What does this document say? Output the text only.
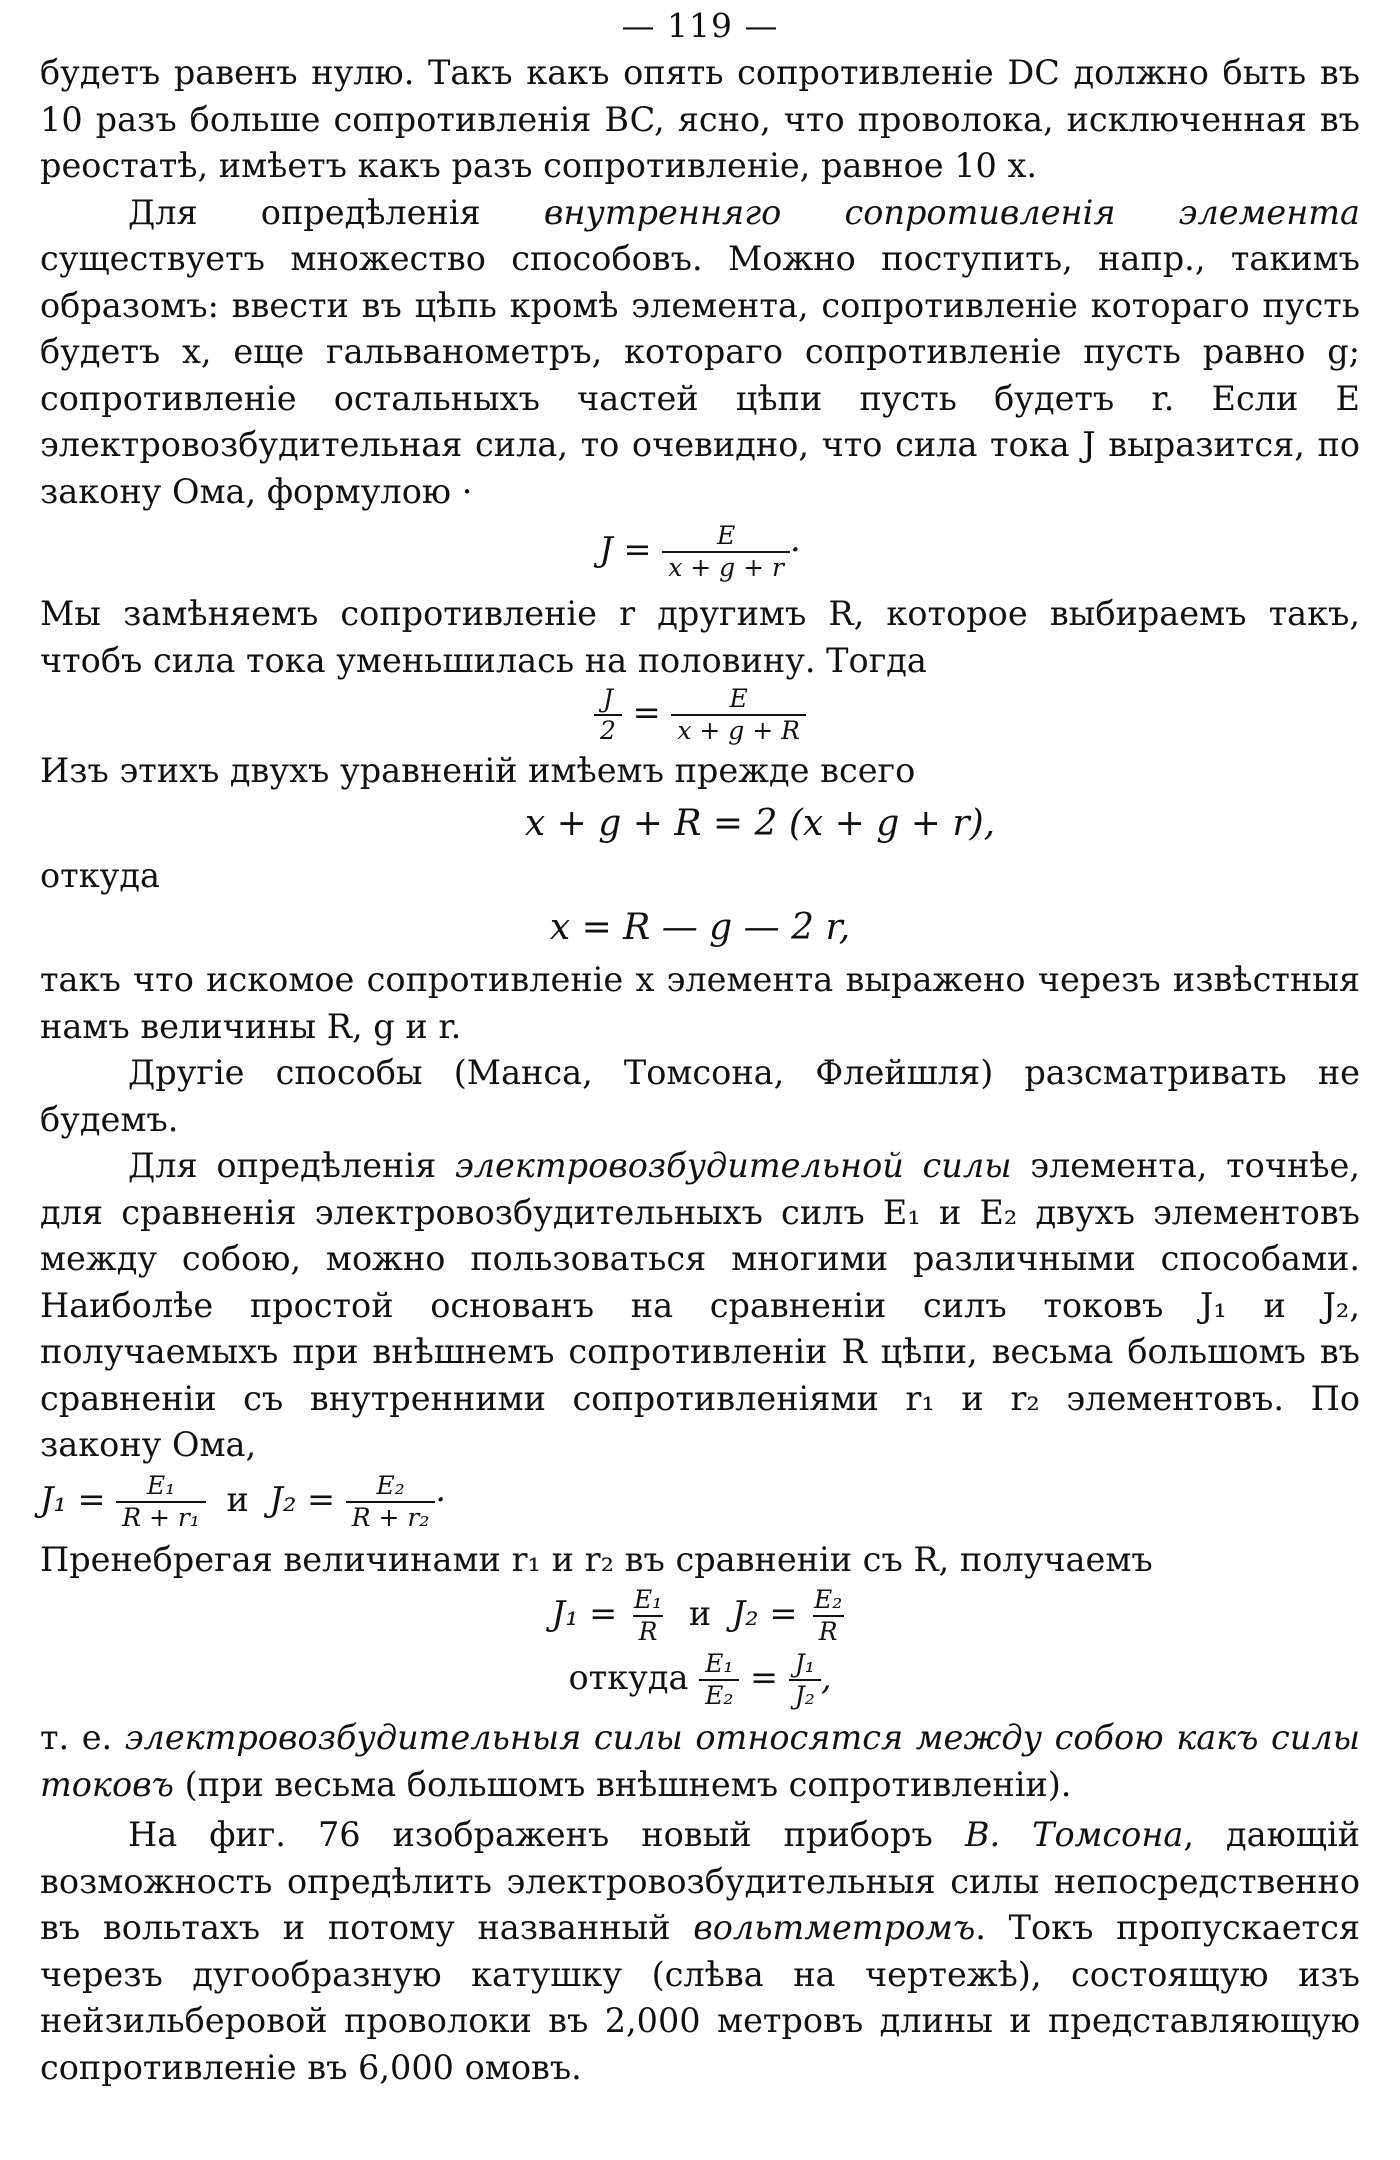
— 119 —

будетъ равенъ нулю. Такъ какъ опять сопротивленіе DC должно быть въ 10 разъ больше сопротивленія BC, ясно, что проволока, исключенная въ реостатѣ, имѣетъ какъ разъ сопротивленіе, равное 10 x.

Для опредѣленія внутренняго сопротивленія элемента существуетъ множество способовъ. Можно поступить, напр., такимъ образомъ: ввести въ цѣпь кромѣ элемента, сопротивленіе котораго пусть будетъ x, еще гальванометръ, котораго сопротивленіе пусть равно g; сопротивленіе остальныхъ частей цѣпи пусть будетъ r. Если E электровозбудительная сила, то очевидно, что сила тока J выразится, по закону Ома, формулою ·

$J = \frac{E}{x + g + r}$ ·

Мы замѣняемъ сопротивленіе r другимъ R, которое выбираемъ такъ, чтобъ сила тока уменьшилась на половину. Тогда

$\frac{J}{2} = \frac{E}{x + g + R}$

Изъ этихъ двухъ уравненій имѣемъ прежде всего

x + g + R = 2 (x + g + r),

откуда

x = R — g — 2 r,

такъ что искомое сопротивленіе x элемента выражено черезъ извѣстныя намъ величины R, g и r.

Другіе способы (Манса, Томсона, Флейшля) разсматривать не будемъ.

Для опредѣленія электровозбудительной силы элемента, точнѣе, для сравненія электровозбудительныхъ силъ E₁ и E₂ двухъ элементовъ между собою, можно пользоваться многими различными способами. Наиболѣе простой основанъ на сравненіи силъ токовъ J₁ и J₂, получаемыхъ при внѣшнемъ сопротивленіи R цѣпи, весьма большомъ въ сравненіи съ внутренними сопротивленіями r₁ и r₂ элементовъ. По закону Ома,

$J_1 = \frac{\text{E₁}}{\text{R + r₁}}$ и $J_2 = \frac{\text{E₂}}{\text{R + r₂}}$ ·

Пренебрегая величинами r₁ и r₂ въ сравненіи съ R, получаемъ

$J_1 = \frac{\text{E₁}}{R}$ и $J_2 = \frac{\text{E₂}}{R}$
откуда $\frac{\text{E₁}}{\text{E₂}} = \frac{\text{J₁}}{\text{J₂}}$ ,

т. е. электровозбудительныя силы относятся между собою какъ силы токовъ (при весьма большомъ внѣшнемъ сопротивленіи).

На фиг. 76 изображенъ новый приборъ В. Томсона, дающій возможность опредѣлить электровозбудительныя силы непосредственно въ вольтахъ и потому названный вольтметромъ. Токъ пропускается черезъ дугообразную катушку (слѣва на чертежѣ), состоящую изъ нейзильберовой проволоки въ 2,000 метровъ длины и представляющую сопротивленіе въ 6,000 омовъ.
